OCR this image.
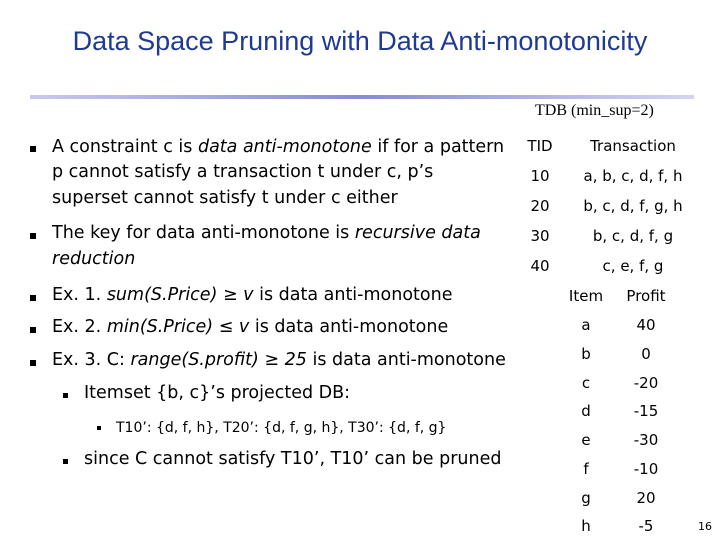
Data Space Pruning with Data Anti-monotonicity
TDB (min_sup=2)
A constraint c is data anti-monotone if for a pattern
p cannot satisfy a transaction t under c, p’s
superset cannot satisfy t under c either
The key for data anti-monotone is recursive data
reduction
Ex. 1. sum(S.Price) ≥ v is data anti-monotone
Ex. 2. min(S.Price) ≤ v is data anti-monotone
Ex. 3. C: range(S.profit) ≥ 25 is data anti-monotone
Itemset {b, c}’s projected DB:
T10’: {d, f, h}, T20’: {d, f, g, h}, T30’: {d, f, g}
since C cannot satisfy T10’, T10’ can be pruned
TID	Transaction
10	a, b, c, d, f, h
20	b, c, d, f, g, h
30	b, c, d, f, g
40	c, e, f, g
Item	Profit
a	40
b	0
c	-20
d	-15
e	-30
f	-10
g	20
h	-5	16
